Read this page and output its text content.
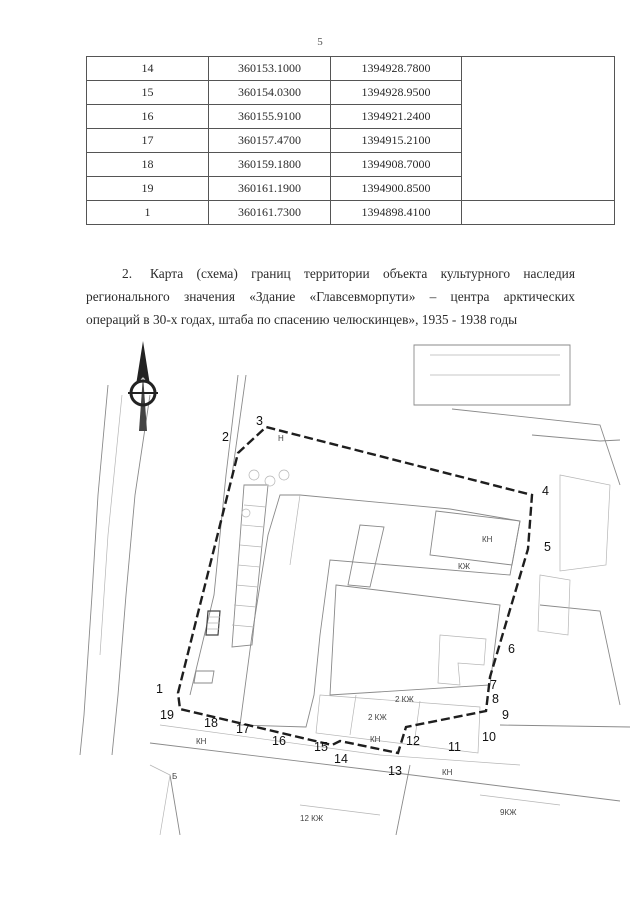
5
14	360153.1000	1394928.7800	
15	360154.0300	1394928.9500	
16	360155.9100	1394921.2400	
17	360157.4700	1394915.2100	
18	360159.1800	1394908.7000	
19	360161.1900	1394900.8500	
1	360161.7300	1394898.4100	

2. Карта (схема) границ территории объекта культурного наследия

регионального значения «Здание «Главсевморпути» – центра арктических

операций в 30-х годах, штаба по спасению челюскинцев», 1935 - 1938 годы

КН
КЖ
2 КЖ
2 КЖ
КН
КН
КН
Н
Б
9КЖ
12 КЖ
1
2
3
4
5
6
7
8
9
10
11
12
13
14
15
16
17
18
19
